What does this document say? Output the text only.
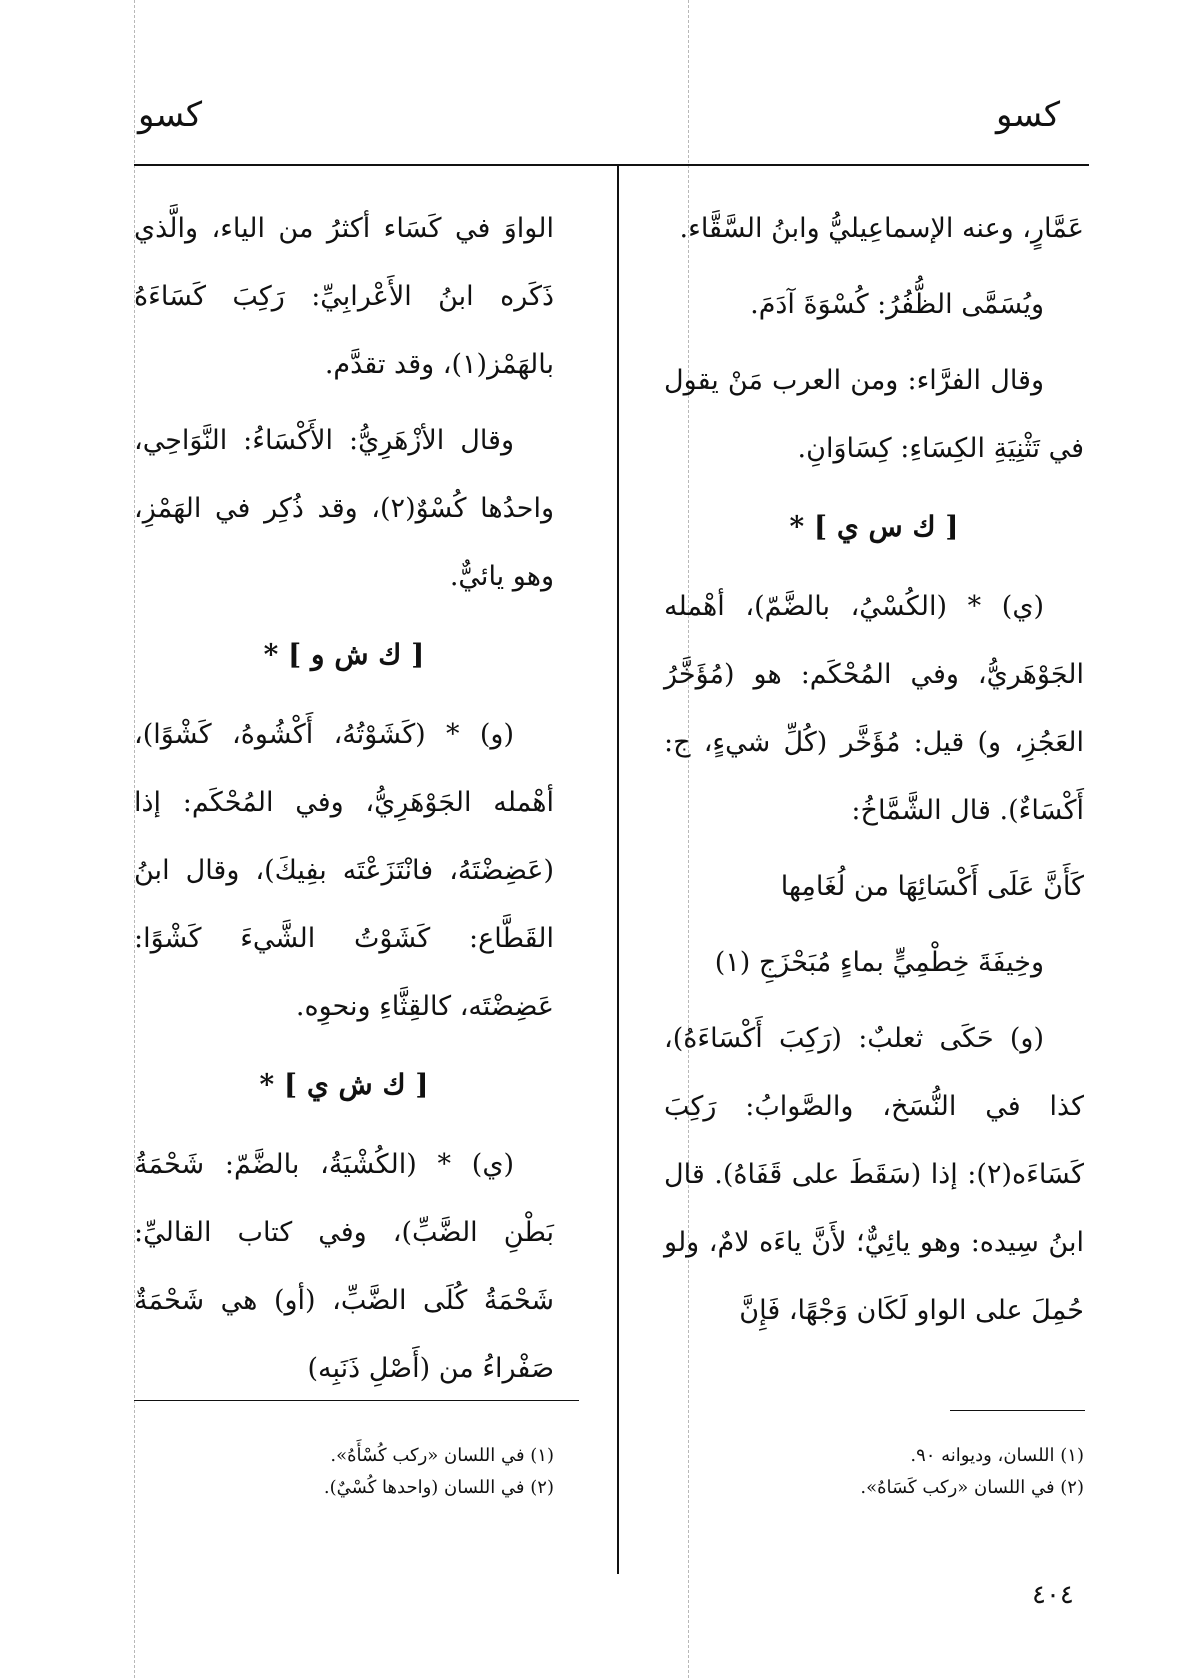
كسو
كسو

عَمَّارٍ، وعنه الإسماعِيليُّ وابنُ السَّقَّاء.

ويُسَمَّى الظُّفُرُ: كُسْوَةَ آدَمَ.

وقال الفرَّاء: ومن العرب مَنْ يقول في تَثْنِيَةِ الكِسَاءِ: كِسَاوَانِ.

[ ك س ي ] *

(ي) * (الكُسْيُ، بالضَّمّ)، أهْمله الجَوْهَريُّ، وفي المُحْكَم: هو (مُؤَخَّرُ العَجُزِ، و) قيل: مُؤَخَّر (كُلِّ شيءٍ، ج: أَكْسَاءٌ). قال الشَّمَّاخُ:

كَأَنَّ عَلَى أَكْسَائِهَا من لُغَامِها

وخِيفَةَ خِطْمِيٍّ بماءٍ مُبَحْزَجِ (١)

(و) حَكَى ثعلبٌ: (رَكِبَ أَكْسَاءَهُ)، كذا في النُّسَخ، والصَّوابُ: رَكِبَ كَسَاءَه(٢): إذا (سَقَطَ على قَفَاهُ). قال ابنُ سِيده: وهو يائِيٌّ؛ لأَنَّ ياءَه لامٌ، ولو حُمِلَ على الواو لَكَان وَجْهًا، فَإِنَّ

الواوَ في كَسَاء أكثرُ من الياء، والَّذي ذَكَره ابنُ الأَعْرابِيِّ: رَكِبَ كَسَاءَهُ بالهَمْز(١)، وقد تقدَّم.

وقال الأزْهَرِيُّ: الأَكْسَاءُ: النَّوَاحِي، واحدُها كُسْوٌ(٢)، وقد ذُكِر في الهَمْزِ، وهو يائيٌّ.

[ ك ش و ] *

(و) * (كَشَوْتُهُ، أَكْشُوهُ، كَشْوًا)، أهْمله الجَوْهَرِيُّ، وفي المُحْكَم: إذا (عَضِضْتَهُ، فانْتَزَعْتَه بفِيكَ)، وقال ابنُ القَطَّاع: كَشَوْتُ الشَّيءَ كَشْوًا: عَضِضْتَه، كالقِثَّاءِ ونحوِه.

[ ك ش ي ] *

(ي) * (الكُشْيَةُ، بالضَّمّ: شَحْمَةُ بَطْنِ الضَّبِّ)، وفي كتاب القاليِّ: شَحْمَةُ كُلَى الضَّبِّ، (أو) هي شَحْمَةٌ صَفْراءُ من (أَصْلِ ذَنَبِه)

(١) اللسان، وديوانه ٩٠.
(٢) في اللسان «ركب كَسَاهُ».
(١) في اللسان «ركب كُسْأَهُ».
(٢) في اللسان (واحدها كُسْيٌ).
٤٠٤
